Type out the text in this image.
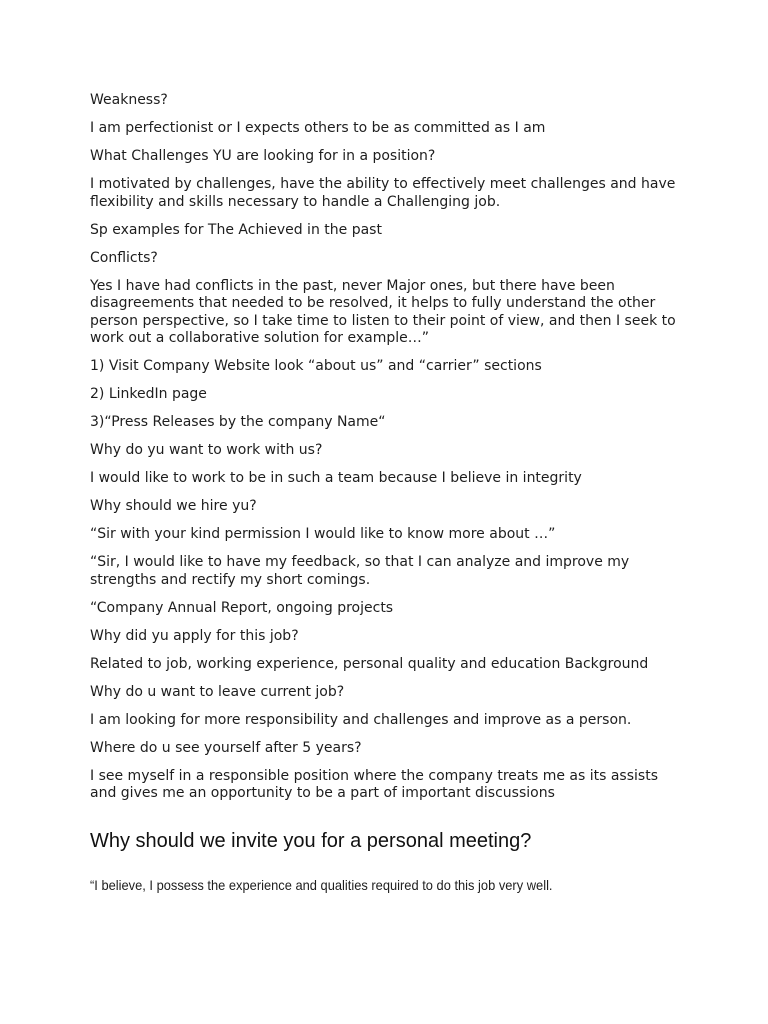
Weakness?

I am perfectionist or I expects others to be as committed as I am

What Challenges YU are looking for in a position?

I motivated by challenges, have the ability to effectively meet challenges and have
flexibility and skills necessary to handle a Challenging job.

Sp examples for The Achieved in the past

Conflicts?

Yes I have had conflicts in the past, never Major ones, but there have been
disagreements that needed to be resolved, it helps to fully understand the other
person perspective, so I take time to listen to their point of view, and then I seek to
work out a collaborative solution for example…”

1) Visit Company Website look “about us” and “carrier” sections

2) LinkedIn page

3)“Press Releases by the company Name“

Why do yu want to work with us?

I would like to work to be in such a team because I believe in integrity

Why should we hire yu?

“Sir with your kind permission I would like to know more about …”

“Sir, I would like to have my feedback, so that I can analyze and improve my
strengths and rectify my short comings.

“Company Annual Report, ongoing projects

Why did yu apply for this job?

Related to job, working experience, personal quality and education Background

Why do u want to leave current job?

I am looking for more responsibility and challenges and improve as a person.

Where do u see yourself after 5 years?

I see myself in a responsible position where the company treats me as its assists
and gives me an opportunity to be a part of important discussions

Why should we invite you for a personal meeting?

“I believe, I possess the experience and qualities required to do this job very well.
